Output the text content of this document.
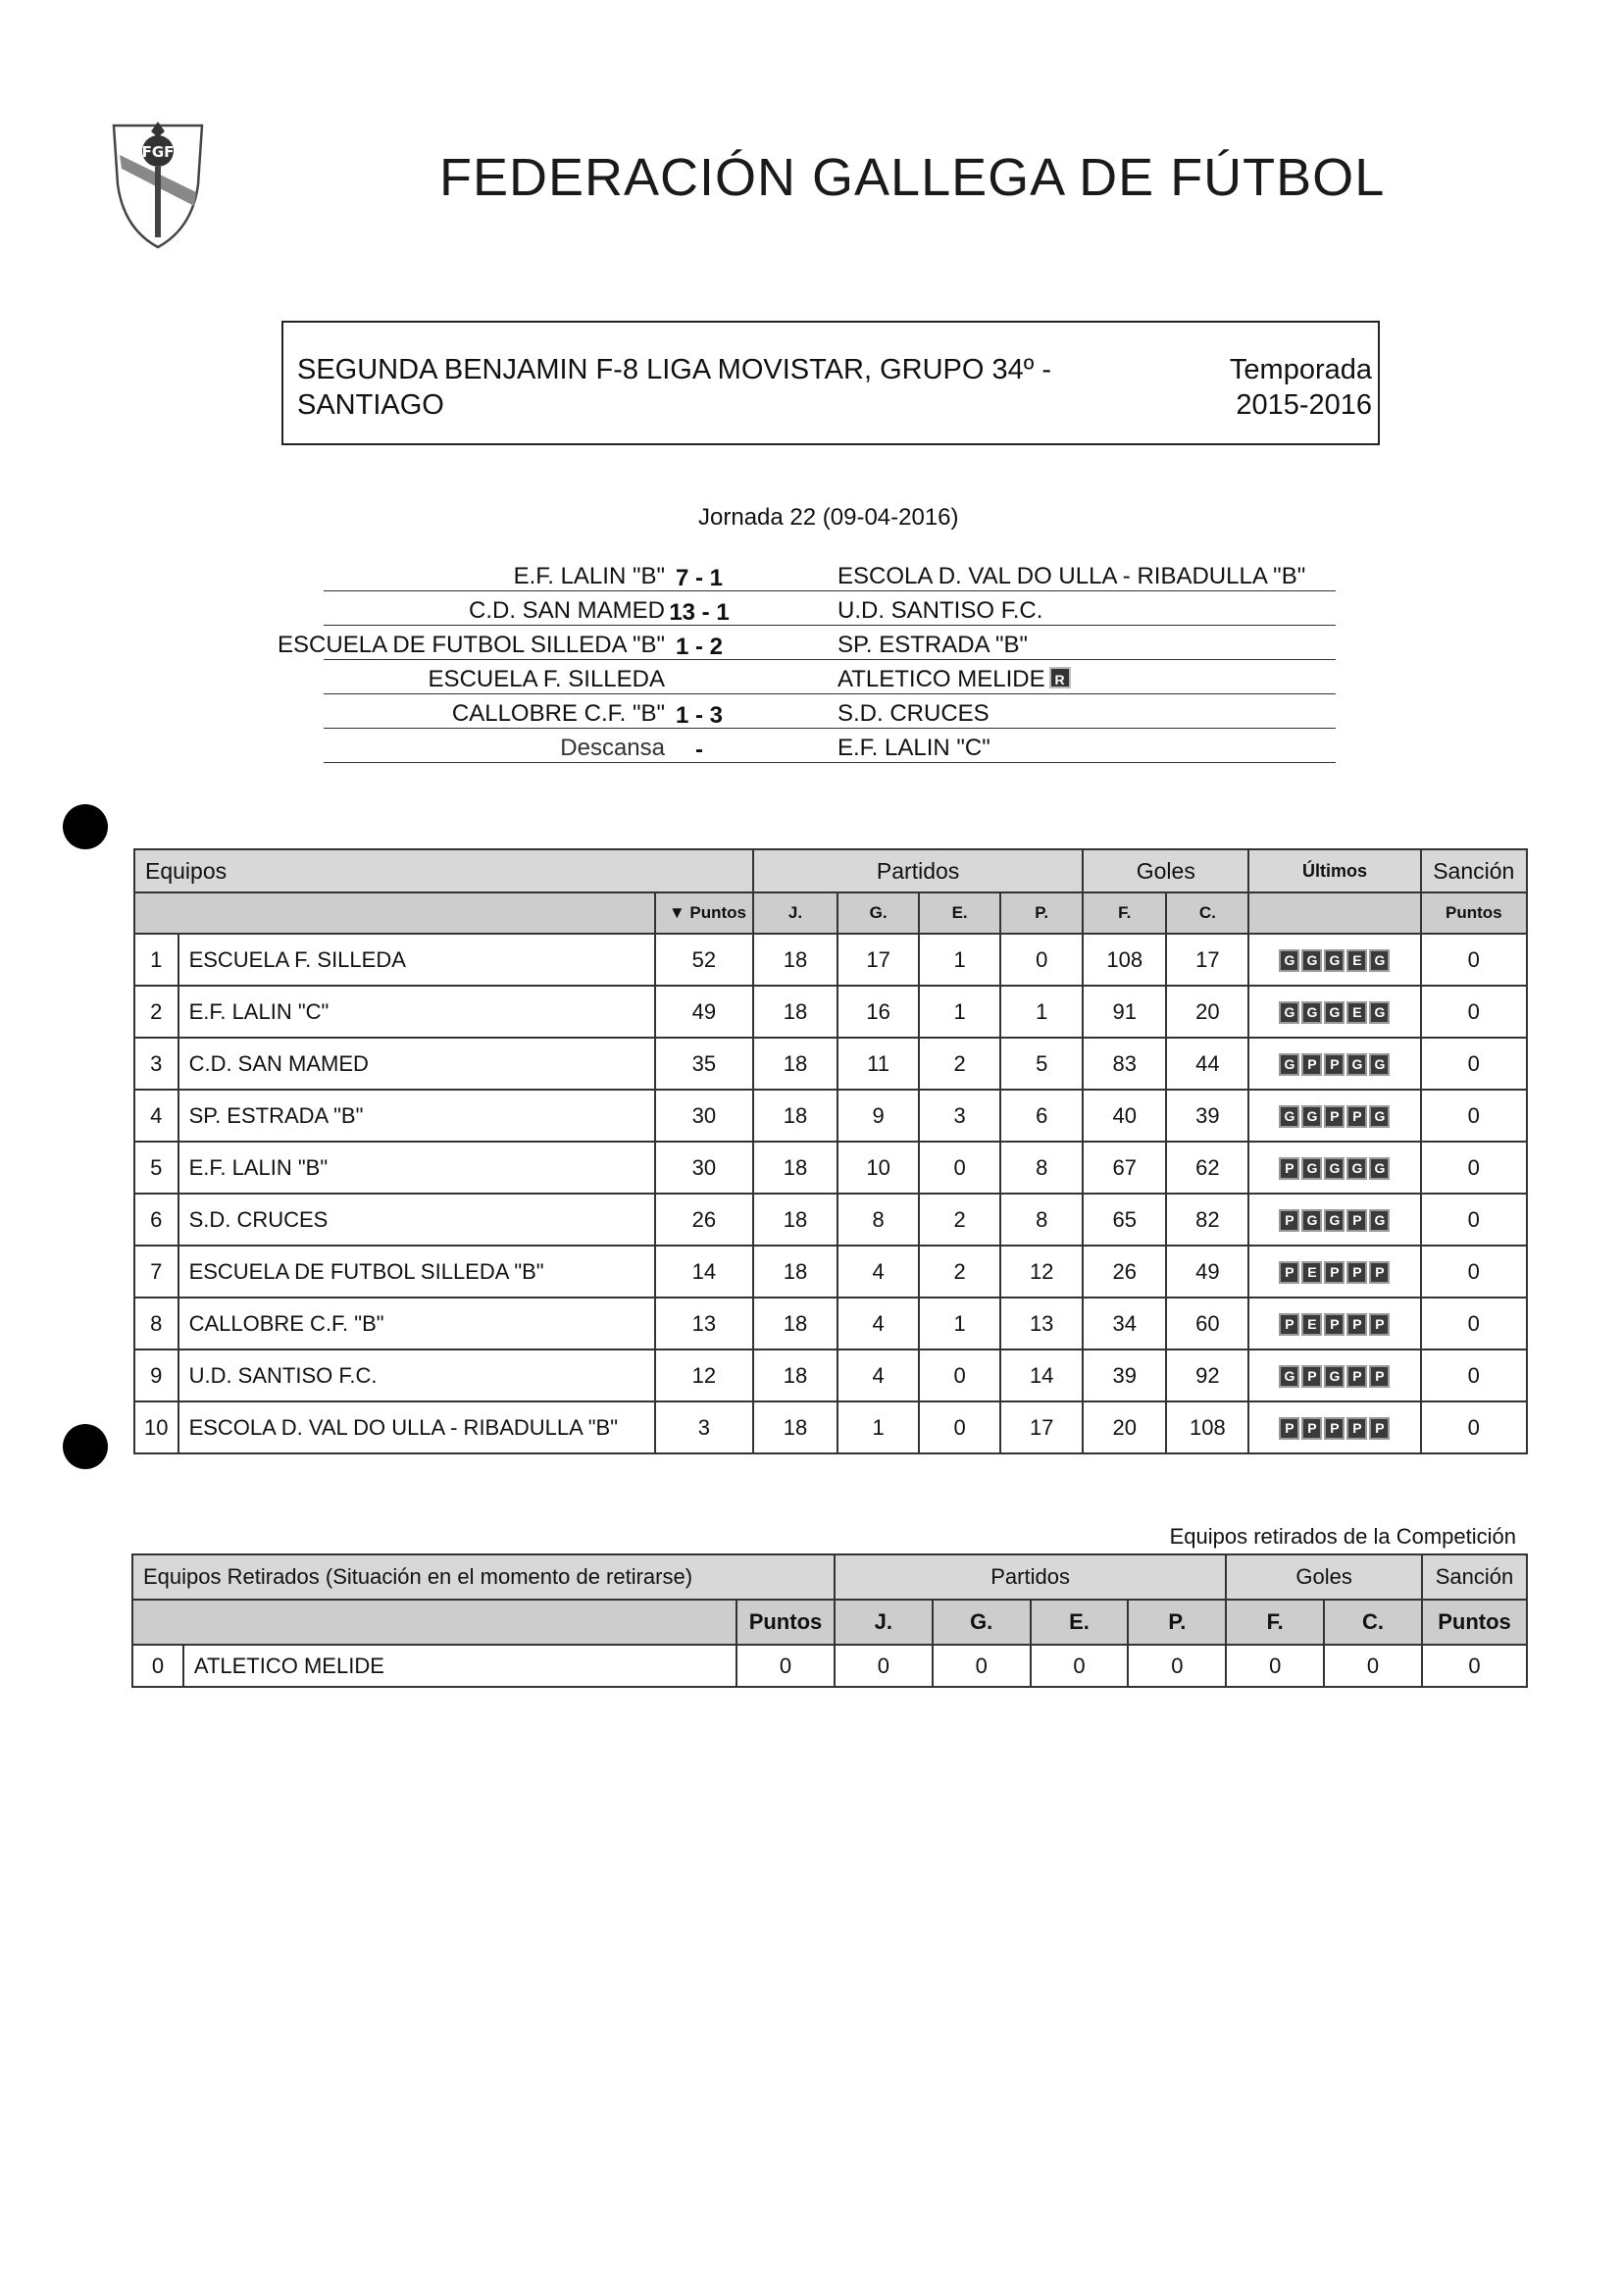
FGF	FEDERACIÓN GALLEGA DE FÚTBOL
SEGUNDA BENJAMIN F-8 LIGA MOVISTAR, GRUPO 34º - SANTIAGO
Temporada
2015-2016
Jornada 22 (09-04-2016)
E.F. LALIN "B" 7 - 1	ESCOLA D. VAL DO ULLA - RIBADULLA "B"
C.D. SAN MAMED 13 - 1	U.D. SANTISO F.C.
ESCUELA DE FUTBOL SILLEDA "B" 1 - 2	SP. ESTRADA "B"
ESCUELA F. SILLEDA	ATLETICO MELIDE R
CALLOBRE C.F. "B" 1 - 3	S.D. CRUCES
Descansa	-	E.F. LALIN "C"
Equipos			Partidos				Goles		Últimos	Sanción
		▼ Puntos	J.	G.	E.	P.	F.	C.		Puntos
1	ESCUELA F. SILLEDA	52	18	17	1	0	108	17	G G G E G	0
2	E.F. LALIN "C"	49	18	16	1	1	91	20	G G G E G	0
3	C.D. SAN MAMED	35	18	11	2	5	83	44	G P P G G	0
4	SP. ESTRADA "B"	30	18	9	3	6	40	39	G G P P G	0
5	E.F. LALIN "B"	30	18	10	0	8	67	62	P G G G G	0
6	S.D. CRUCES	26	18	8	2	8	65	82	P G G P G	0
7	ESCUELA DE FUTBOL SILLEDA "B"	14	18	4	2	12	26	49	P E P P P	0
8	CALLOBRE C.F. "B"	13	18	4	1	13	34	60	P E P P P	0
9	U.D. SANTISO F.C.	12	18	4	0	14	39	92	G P G P P	0
10	ESCOLA D. VAL DO ULLA - RIBADULLA "B"	3	18	1	0	17	20	108	P P P P P	0
Equipos retirados de la Competición
Equipos Retirados (Situación en el momento de retirarse)			Partidos				Goles		Sanción
		Puntos	J.	G.	E.	P.	F.	C.	Puntos
0	ATLETICO MELIDE	0	0	0	0	0	0	0	0
